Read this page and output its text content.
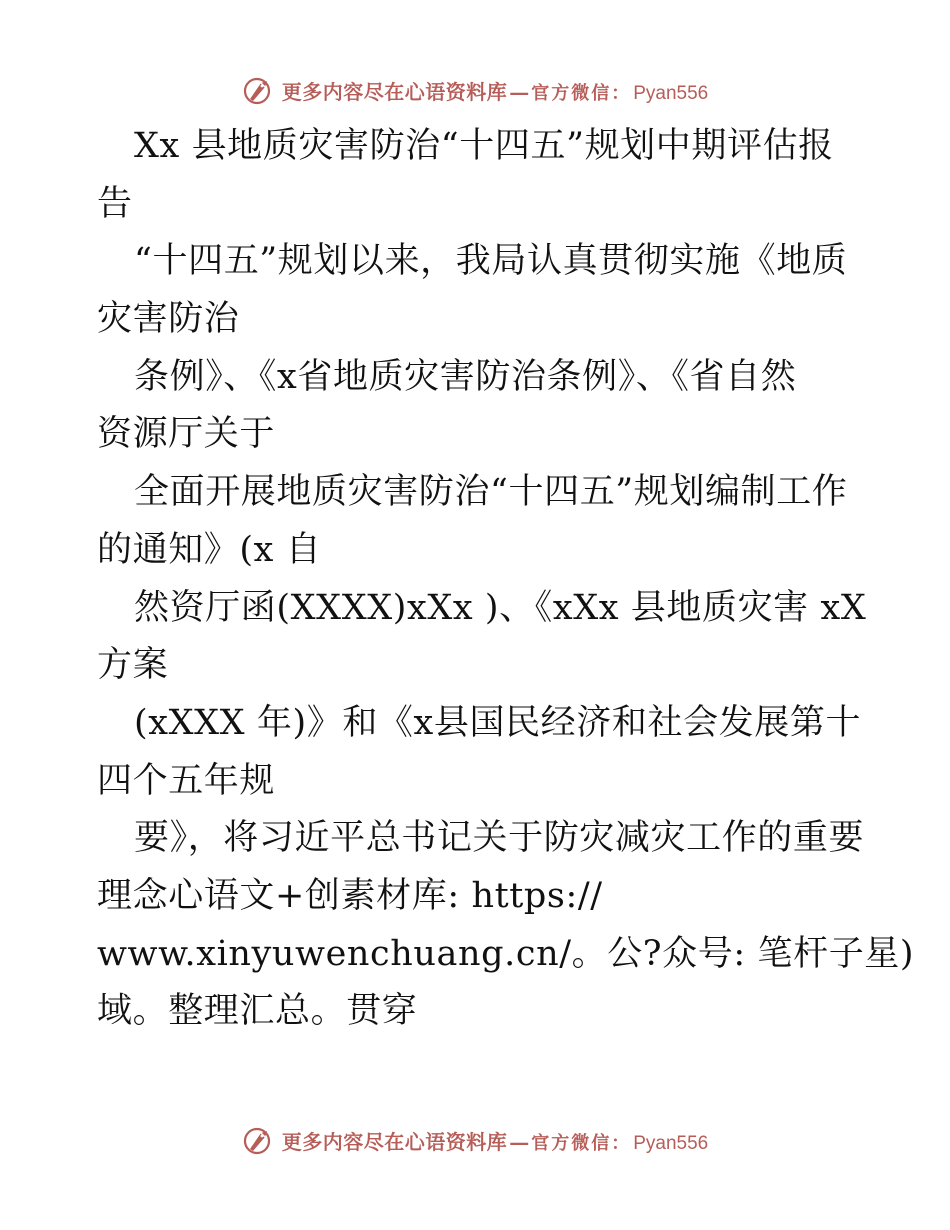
更多内容尽在心语资料库 — 官方微信： Pyan556
Xx 县地质灾害防治“十四五”规划中期评估报
告
“十四五”规划以来，我局认真贯彻实施《地质
灾害防治
条例》、《x省地质灾害防治条例》、《省自然
资源厅关于
全面开展地质灾害防治“十四五”规划编制工作
的通知》(x 自
然资厅函(XXXX)xXx )、《xXx 县地质灾害 xX
方案
(xXXX 年)》和《x县国民经济和社会发展第十
四个五年规
要》，将习近平总书记关于防灾减灾工作的重要
理念心语文+创素材库: https://
www.xinyuwenchuang.cn/。公?众号: 笔杆子星)
域。整理汇总。贯穿
更多内容尽在心语资料库 — 官方微信： Pyan556
